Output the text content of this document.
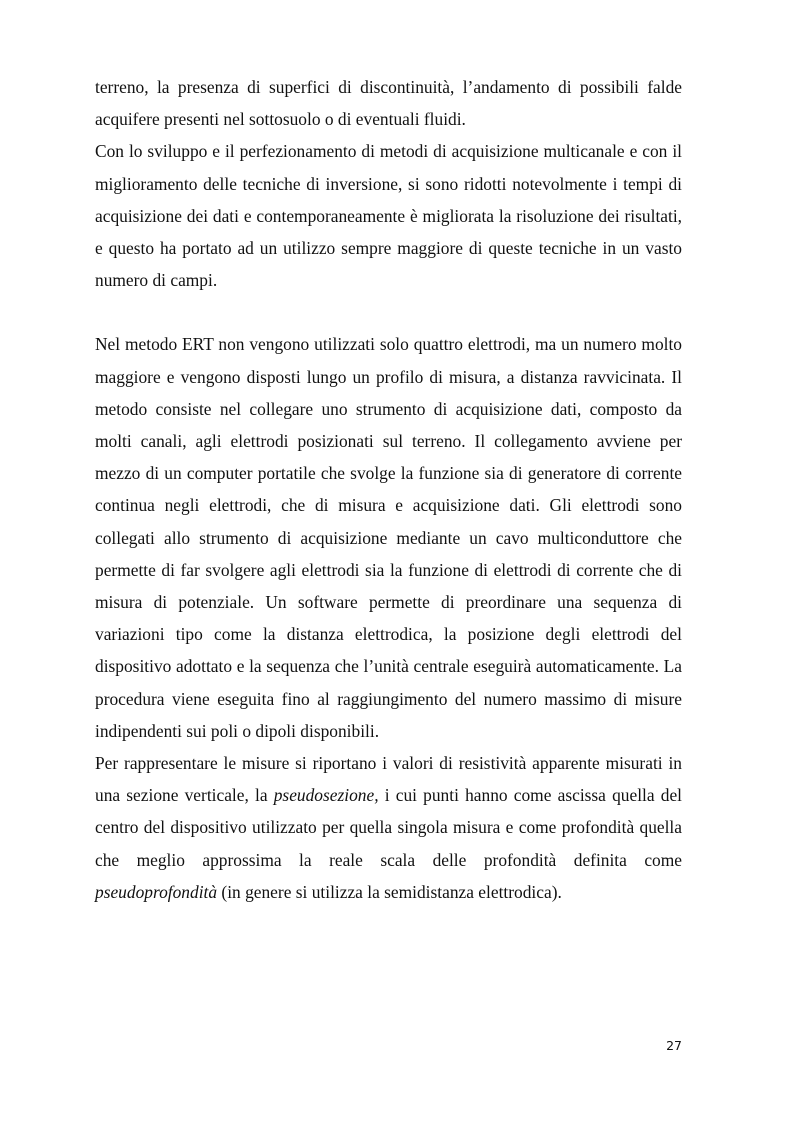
terreno, la presenza di superfici di discontinuità, l’andamento di possibili falde acquifere presenti nel sottosuolo o di eventuali fluidi.

Con lo sviluppo e il perfezionamento di metodi di acquisizione multicanale e con il miglioramento delle tecniche di inversione, si sono ridotti notevolmente i tempi di acquisizione dei dati e contemporaneamente è migliorata la risoluzione dei risultati, e questo ha portato ad un utilizzo sempre maggiore di queste tecniche in un vasto numero di campi.

Nel metodo ERT non vengono utilizzati solo quattro elettrodi, ma un numero molto maggiore e vengono disposti lungo un profilo di misura, a distanza ravvicinata. Il metodo consiste nel collegare uno strumento di acquisizione dati, composto da molti canali, agli elettrodi posizionati sul terreno. Il collegamento avviene per mezzo di un computer portatile che svolge la funzione sia di generatore di corrente continua negli elettrodi, che di misura e acquisizione dati. Gli elettrodi sono collegati allo strumento di acquisizione mediante un cavo multiconduttore che permette di far svolgere agli elettrodi sia la funzione di elettrodi di corrente che di misura di potenziale. Un software permette di preordinare una sequenza di variazioni tipo come la distanza elettrodica, la posizione degli elettrodi del dispositivo adottato e la sequenza che l’unità centrale eseguirà automaticamente. La procedura viene eseguita fino al raggiungimento del numero massimo di misure indipendenti sui poli o dipoli disponibili.

Per rappresentare le misure si riportano i valori di resistività apparente misurati in una sezione verticale, la pseudosezione, i cui punti hanno come ascissa quella del centro del dispositivo utilizzato per quella singola misura e come profondità quella che meglio approssima la reale scala delle profondità definita come pseudoprofondità (in genere si utilizza la semidistanza elettrodica).

27
